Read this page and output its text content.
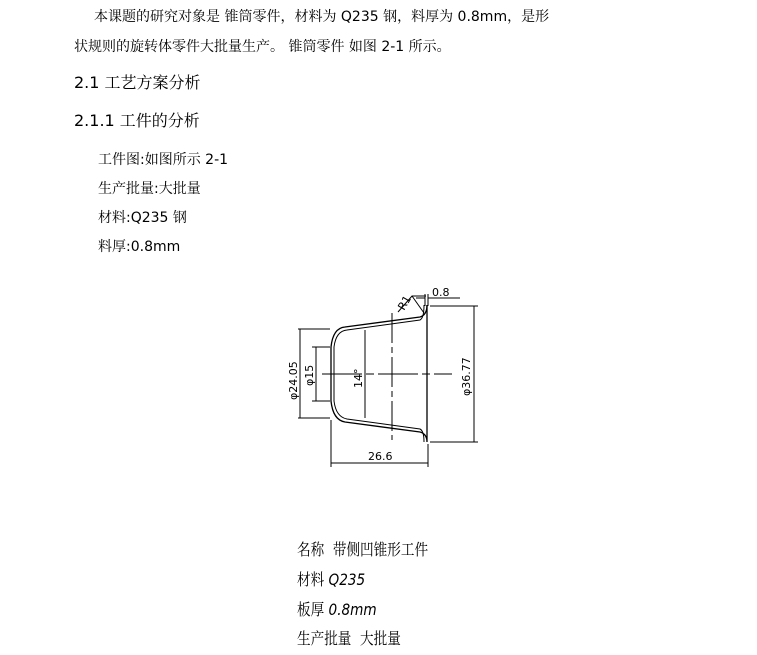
本课题的研究对象是 锥筒零件，材料为 Q235 钢，料厚为 0.8mm，是形
状规则的旋转体零件大批量生产。 锥筒零件 如图 2-1 所示。
2.1 工艺方案分析
2.1.1 工件的分析
工件图:如图所示 2-1
生产批量:大批量
材料:Q235 钢
料厚:0.8mm
0.8
R1
φ36.77
φ24.05 φ15	14°
26.6
名称 带侧凹锥形工件
材料 Q235
板厚 0.8mm
生产批量 大批量
